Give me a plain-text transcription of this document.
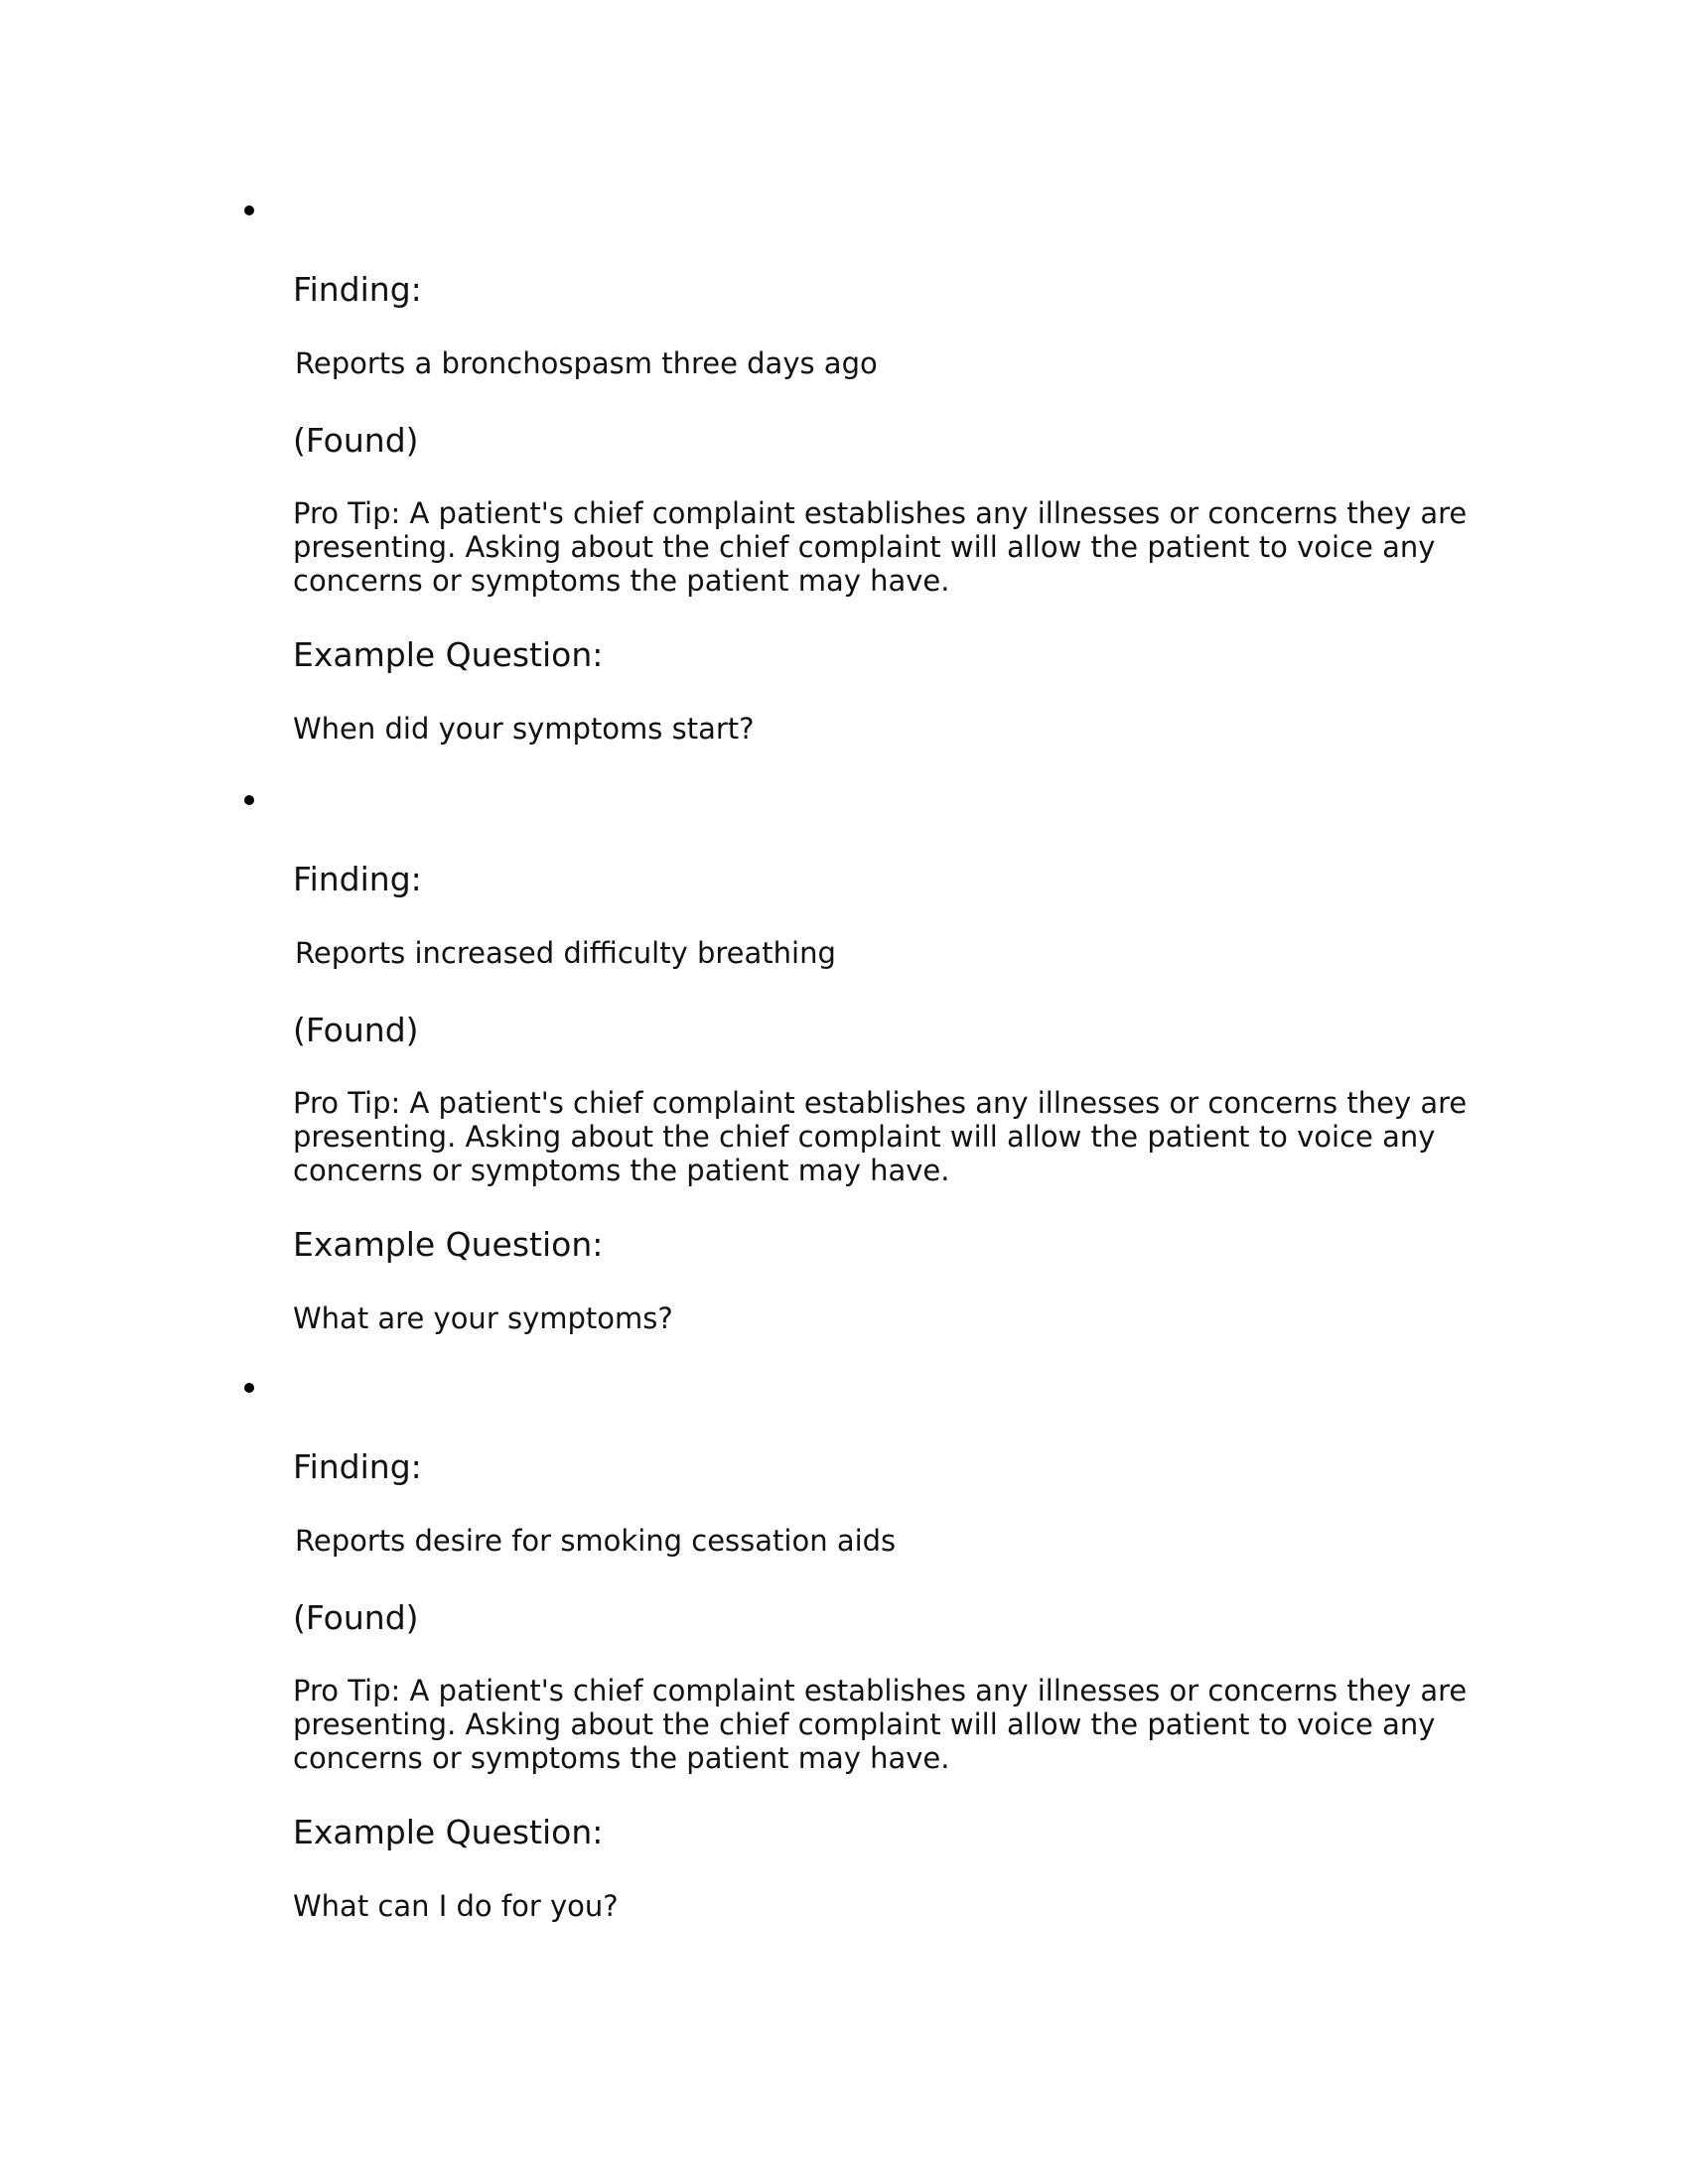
Finding:

Reports a bronchospasm three days ago

(Found)

Pro Tip: A patient's chief complaint establishes any illnesses or concerns they are presenting. Asking about the chief complaint will allow the patient to voice any concerns or symptoms the patient may have.

Example Question:

When did your symptoms start?

Finding:

Reports increased difficulty breathing

(Found)

Pro Tip: A patient's chief complaint establishes any illnesses or concerns they are presenting. Asking about the chief complaint will allow the patient to voice any concerns or symptoms the patient may have.

Example Question:

What are your symptoms?

Finding:

Reports desire for smoking cessation aids

(Found)

Pro Tip: A patient's chief complaint establishes any illnesses or concerns they are presenting. Asking about the chief complaint will allow the patient to voice any concerns or symptoms the patient may have.

Example Question:

What can I do for you?
